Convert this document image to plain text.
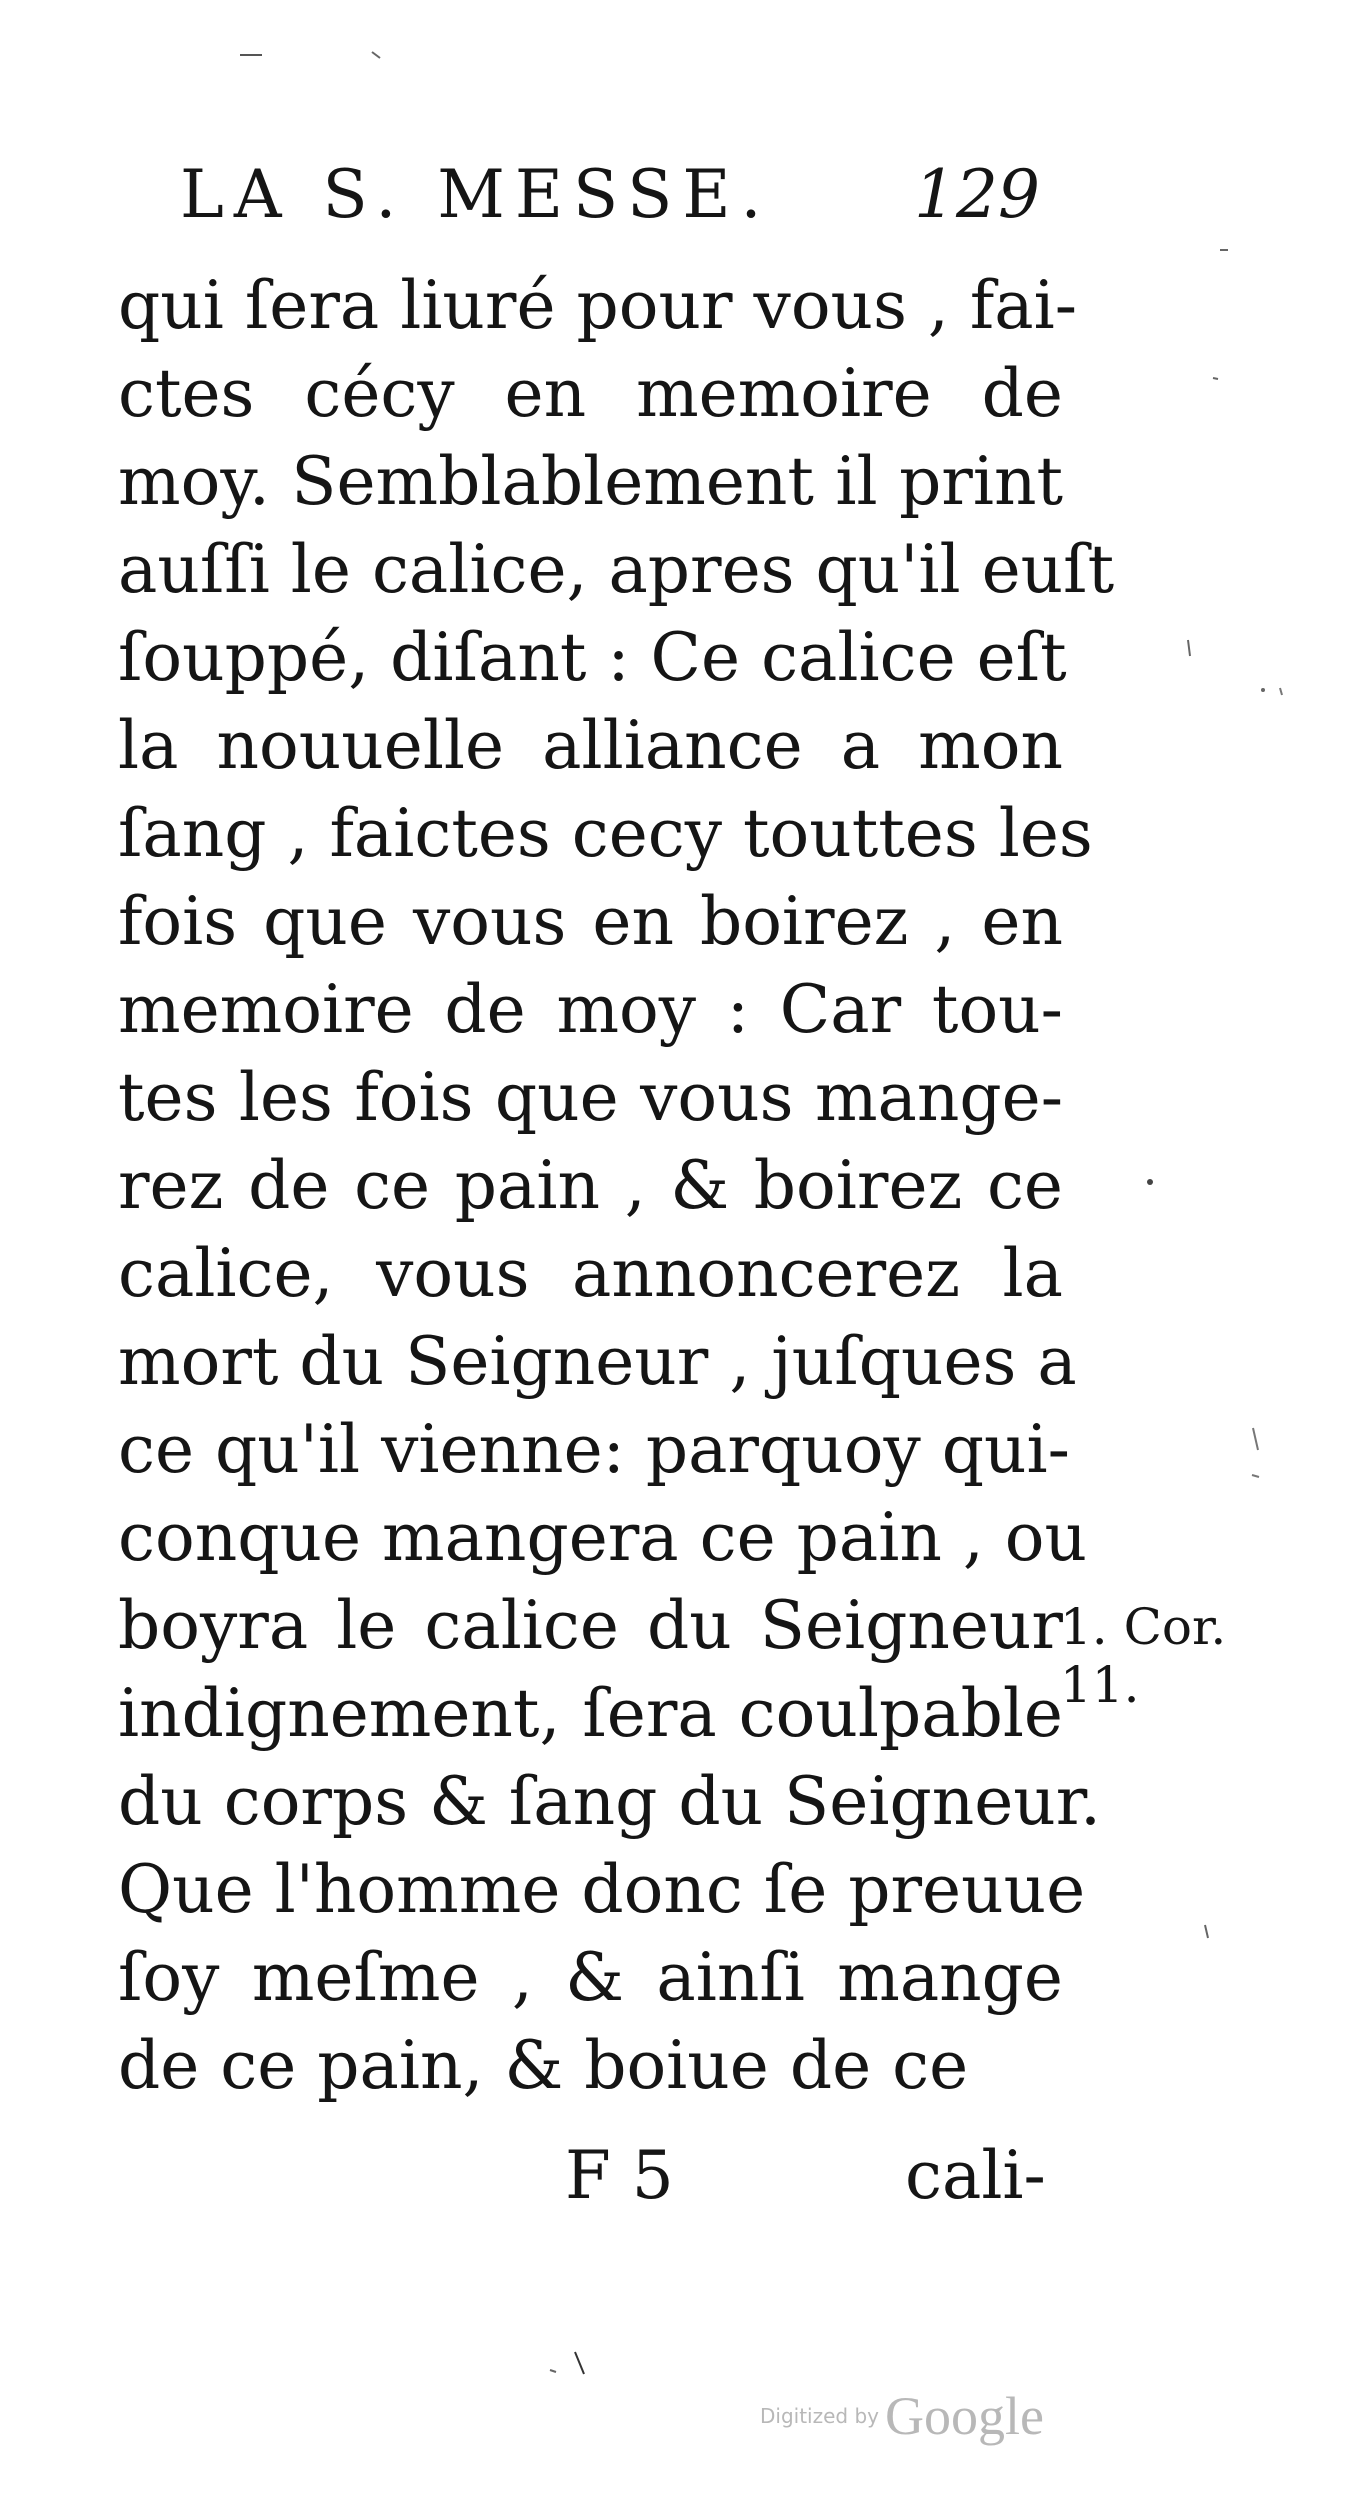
LA S. MESSE. 129
qui ſera liuré pour vous , fai-
ctes cécy en memoire de
moy. Semblablement il print
auſſi le calice, apres qu'il euſt
ſouppé, diſant : Ce calice eſt
la nouuelle alliance a mon
ſang , faictes cecy touttes les
fois que vous en boirez , en
memoire de moy : Car tou-
tes les fois que vous mange-
rez de ce pain , & boirez ce
calice, vous annoncerez la
mort du Seigneur , juſques a
ce qu'il vienne: parquoy qui-
conque mangera ce pain , ou
boyra le calice du Seigneur
indignement, ſera coulpable
du corps & ſang du Seigneur.
Que l'homme donc ſe preuue
ſoy meſme , & ainſi mange
de ce pain, & boiue de ce
1. Cor.
11.
F 5	cali-
Digitized by Google
